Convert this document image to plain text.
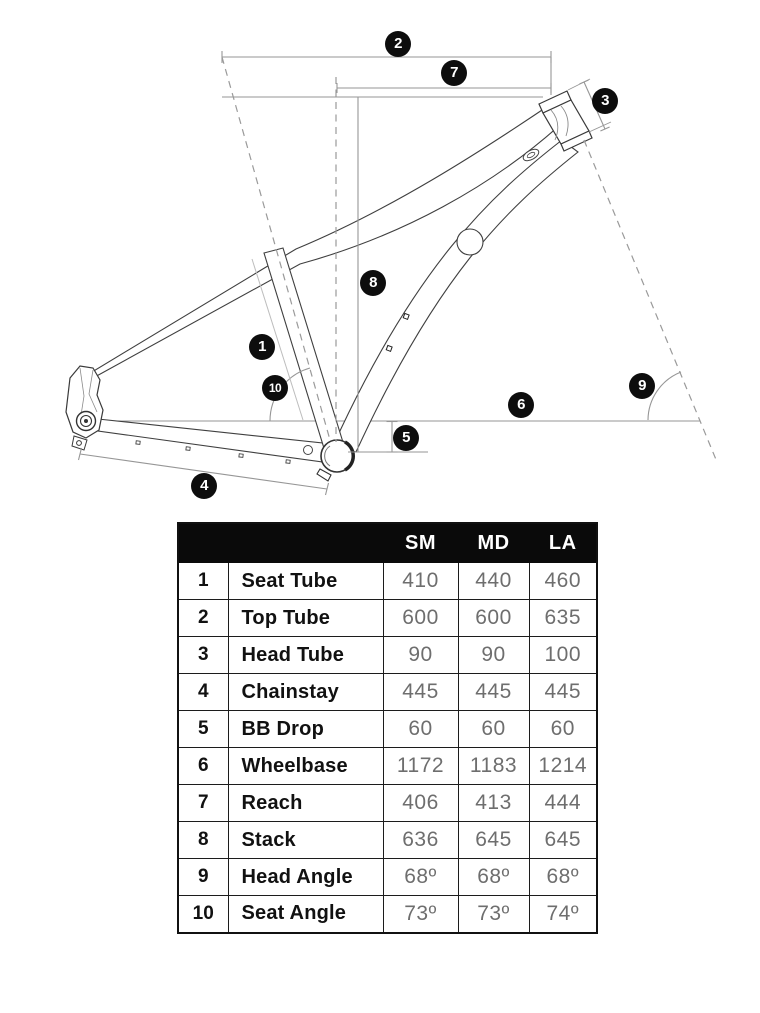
1
2
3
4
5
6
7
8
9
10
		SM	MD	LA
1	Seat Tube	410	440	460
2	Top Tube	600	600	635
3	Head Tube	90	90	100
4	Chainstay	445	445	445
5	BB Drop	60	60	60
6	Wheelbase	1172	1183	1214
7	Reach	406	413	444
8	Stack	636	645	645
9	Head Angle	68º	68º	68º
10	Seat Angle	73º	73º	74º
